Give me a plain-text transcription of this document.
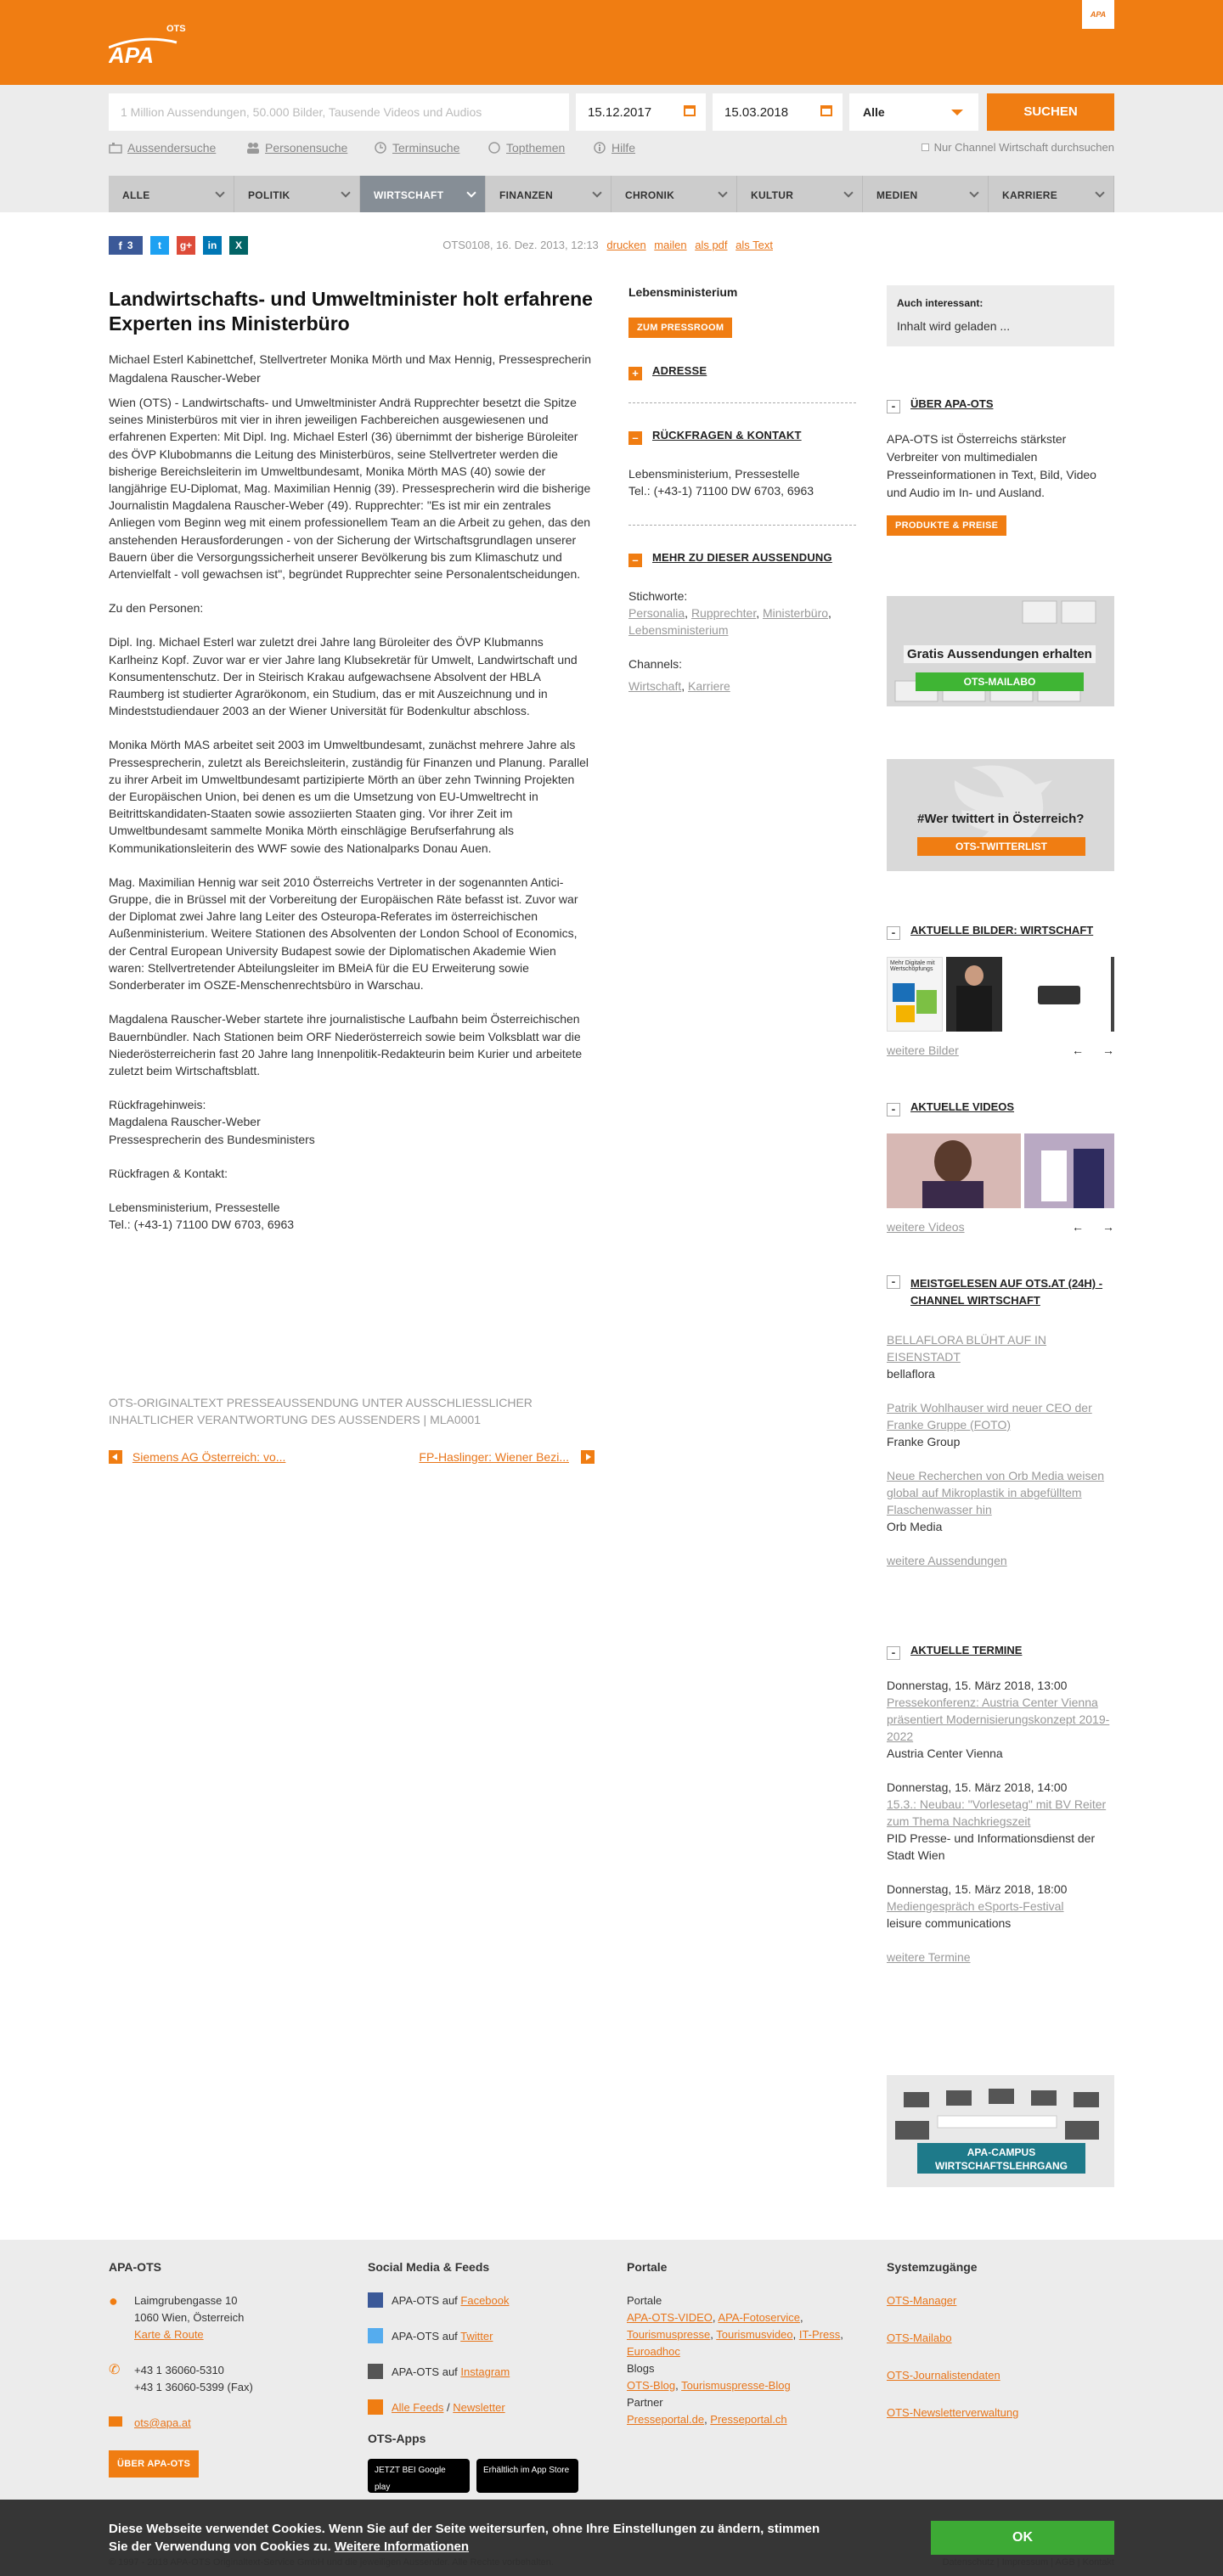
APA
OTS
APA
1 Million Aussendungen, 50.000 Bilder, Tausende Videos und Audios	15.12.2017	15.03.2018	Alle	SUCHEN
Aussendersuche	Personensuche	Terminsuche	Topthemen	Hilfe	Nur Channel Wirtschaft durchsuchen
ALLE	POLITIK	WIRTSCHAFT	FINANZEN	CHRONIK	KULTUR	MEDIEN	KARRIERE
f 3	t	g+	in	X	OTS0108, 16. Dez. 2013, 12:13 drucken mailen als pdf als Text
Landwirtschafts- und Umweltminister holt erfahrene Experten ins Ministerbüro
Michael Esterl Kabinettchef, Stellvertreter Monika Mörth und Max Hennig, Pressesprecherin Magdalena Rauscher-Weber

Wien (OTS) - Landwirtschafts- und Umweltminister Andrä Rupprechter besetzt die Spitze seines Ministerbüros mit vier in ihren jeweiligen Fachbereichen ausgewiesenen und erfahrenen Experten: Mit Dipl. Ing. Michael Esterl (36) übernimmt der bisherige Büroleiter des ÖVP Klubobmanns die Leitung des Ministerbüros, seine Stellvertreter werden die bisherige Bereichsleiterin im Umweltbundesamt, Monika Mörth MAS (40) sowie der langjährige EU-Diplomat, Mag. Maximilian Hennig (39). Pressesprecherin wird die bisherige Journalistin Magdalena Rauscher-Weber (49). Rupprechter: "Es ist mir ein zentrales Anliegen vom Beginn weg mit einem professionellem Team an die Arbeit zu gehen, das den anstehenden Herausforderungen - von der Sicherung der Wirtschaftsgrundlagen unserer Bauern über die Versorgungssicherheit unserer Bevölkerung bis zum Klimaschutz und Artenvielfalt - voll gewachsen ist", begründet Rupprechter seine Personalentscheidungen.

Zu den Personen:

Dipl. Ing. Michael Esterl war zuletzt drei Jahre lang Büroleiter des ÖVP Klubmanns Karlheinz Kopf. Zuvor war er vier Jahre lang Klubsekretär für Umwelt, Landwirtschaft und Konsumentenschutz. Der in Steirisch Krakau aufgewachsene Absolvent der HBLA Raumberg ist studierter Agrarökonom, ein Studium, das er mit Auszeichnung und in Mindeststudiendauer 2003 an der Wiener Universität für Bodenkultur abschloss.

Monika Mörth MAS arbeitet seit 2003 im Umweltbundesamt, zunächst mehrere Jahre als Pressesprecherin, zuletzt als Bereichsleiterin, zuständig für Finanzen und Planung. Parallel zu ihrer Arbeit im Umweltbundesamt partizipierte Mörth an über zehn Twinning Projekten der Europäischen Union, bei denen es um die Umsetzung von EU-Umweltrecht in Beitrittskandidaten-Staaten sowie assoziierten Staaten ging. Vor ihrer Zeit im Umweltbundesamt sammelte Monika Mörth einschlägige Berufserfahrung als Kommunikationsleiterin des WWF sowie des Nationalparks Donau Auen.

Mag. Maximilian Hennig war seit 2010 Österreichs Vertreter in der sogenannten Antici-Gruppe, die in Brüssel mit der Vorbereitung der Europäischen Räte befasst ist. Zuvor war der Diplomat zwei Jahre lang Leiter des Osteuropa-Referates im österreichischen Außenministerium. Weitere Stationen des Absolventen der London School of Economics, der Central European University Budapest sowie der Diplomatischen Akademie Wien waren: Stellvertretender Abteilungsleiter im BMeiA für die EU Erweiterung sowie Sonderberater im OSZE-Menschenrechtsbüro in Warschau.

Magdalena Rauscher-Weber startete ihre journalistische Laufbahn beim Österreichischen Bauernbündler. Nach Stationen beim ORF Niederösterreich sowie beim Volksblatt war die Niederösterreicherin fast 20 Jahre lang Innenpolitik-Redakteurin beim Kurier und arbeitete zuletzt beim Wirtschaftsblatt.

Rückfragehinweis:
Magdalena Rauscher-Weber
Pressesprecherin des Bundesministers

Rückfragen & Kontakt:

Lebensministerium, Pressestelle
Tel.: (+43-1) 71100 DW 6703, 6963

OTS-ORIGINALTEXT PRESSEAUSSENDUNG UNTER AUSSCHLIESSLICHER INHALTLICHER VERANTWORTUNG DES AUSSENDERS | MLA0001
Siemens AG Österreich: vo...	FP-Haslinger: Wiener Bezi...
Lebensministerium
ZUM PRESSROOM
+ ADRESSE
– RÜCKFRAGEN & KONTAKT
Lebensministerium, Pressestelle
Tel.: (+43-1) 71100 DW 6703, 6963
– MEHR ZU DIESER AUSSENDUNG
Stichworte:
Personalia, Rupprechter, Ministerbüro, Lebensministerium
Channels:
Wirtschaft, Karriere
Auch interessant:
Inhalt wird geladen ...
- ÜBER APA-OTS
APA-OTS ist Österreichs stärkster Verbreiter von multimedialen Presseinformationen in Text, Bild, Video und Audio im In- und Ausland.
PRODUKTE & PREISE
Gratis Aussendungen erhalten
OTS-MAILABO
#Wer twittert in Österreich?
OTS-TWITTERLIST
- AKTUELLE BILDER: WIRTSCHAFT
Mehr Digitale mit Wertschöpfungs
weitere Bilder	← →
- AKTUELLE VIDEOS
weitere Videos	← →
-	MEISTGELESEN AUF OTS.AT (24H) - CHANNEL WIRTSCHAFT
BELLAFLORA BLÜHT AUF IN EISENSTADT
bellaflora
Patrik Wohlhauser wird neuer CEO der Franke Gruppe (FOTO)
Franke Group
Neue Recherchen von Orb Media weisen global auf Mikroplastik in abgefülltem Flaschenwasser hin
Orb Media
weitere Aussendungen
- AKTUELLE TERMINE
Donnerstag, 15. März 2018, 13:00
Pressekonferenz: Austria Center Vienna präsentiert Modernisierungskonzept 2019-2022
Austria Center Vienna
Donnerstag, 15. März 2018, 14:00
15.3.: Neubau: "Vorlesetag" mit BV Reiter zum Thema Nachkriegszeit
PID Presse- und Informationsdienst der Stadt Wien
Donnerstag, 15. März 2018, 18:00
Mediengespräch eSports-Festival
leisure communications
weitere Termine
APA-CAMPUS WIRTSCHAFTSLEHRGANG
APA-OTS
● Laimgrubengasse 10
1060 Wien, Österreich
Karte & Route
✆ +43 1 36060-5310
+43 1 36060-5399 (Fax)
ots@apa.at
ÜBER APA-OTS
Social Media & Feeds
APA-OTS auf Facebook
APA-OTS auf Twitter
APA-OTS auf Instagram
Alle Feeds / Newsletter
OTS-Apps
JETZT BEI Google play
Erhältlich im App Store
Portale
Portale
APA-OTS-VIDEO, APA-Fotoservice, Tourismuspresse, Tourismusvideo, IT-Press, Euroadhoc
Blogs
OTS-Blog, Tourismuspresse-Blog
Partner
Presseportal.de, Presseportal.ch
Systemzugänge
OTS-Manager
OTS-Mailabo
OTS-Journalistendaten
OTS-Newsletterverwaltung
Diese Webseite verwendet Cookies. Wenn Sie auf der Seite weitersurfen, ohne Ihre Einstellungen zu ändern, stimmen Sie der Verwendung von Cookies zu. Weitere Informationen
OK
